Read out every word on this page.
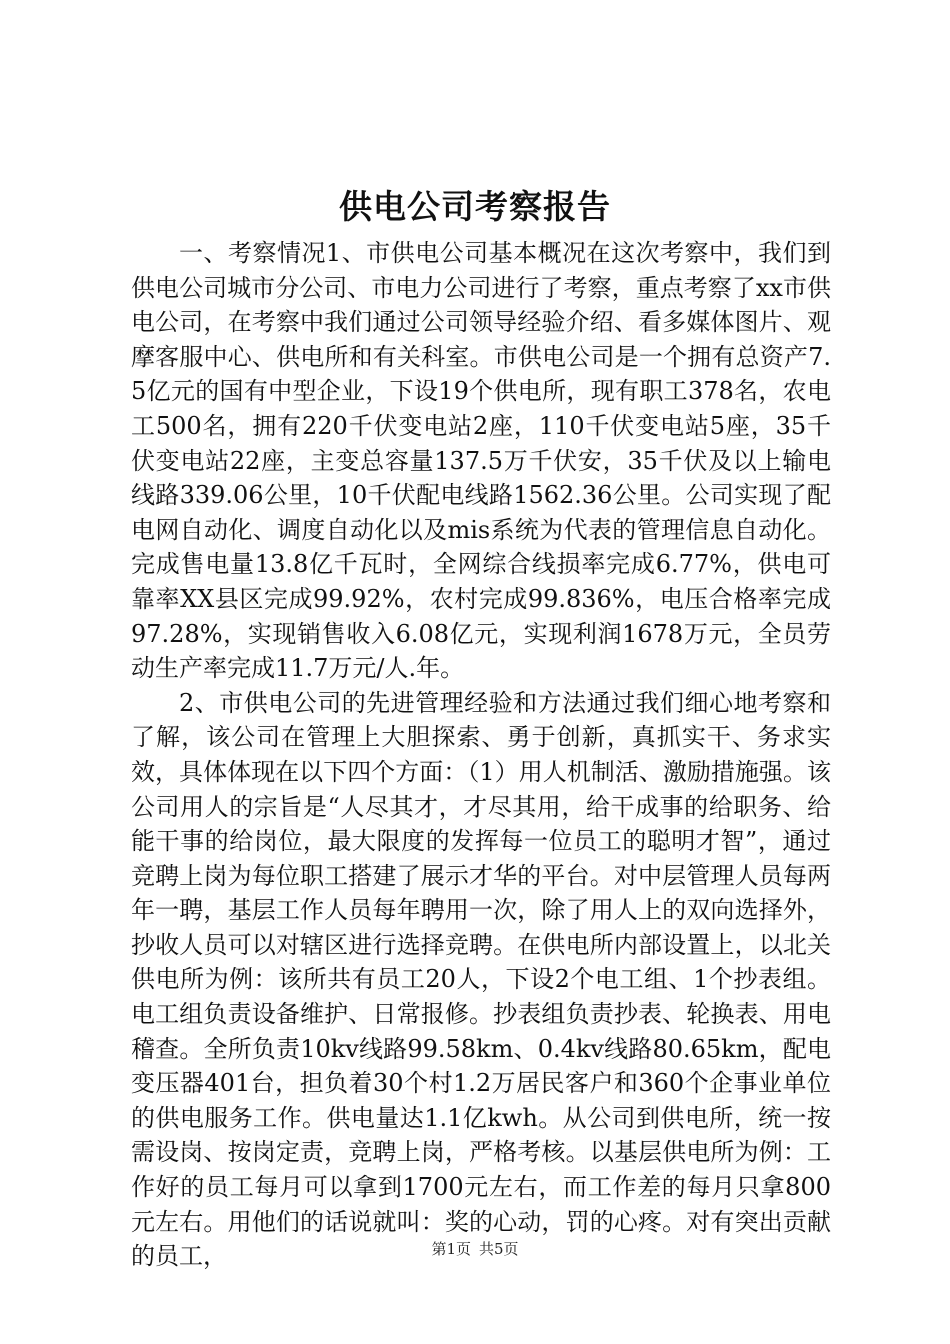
供电公司考察报告

一、考察情况1、市供电公司基本概况在这次考察中，我们到供电公司城市分公司、市电力公司进行了考察，重点考察了xx市供电公司，在考察中我们通过公司领导经验介绍、看多媒体图片、观摩客服中心、供电所和有关科室。市供电公司是一个拥有总资产7.5亿元的国有中型企业，下设19个供电所，现有职工378名，农电工500名，拥有220千伏变电站2座，110千伏变电站5座，35千伏变电站22座，主变总容量137.5万千伏安，35千伏及以上输电线路339.06公里，10千伏配电线路1562.36公里。公司实现了配电网自动化、调度自动化以及mis系统为代表的管理信息自动化。完成售电量13.8亿千瓦时，全网综合线损率完成6.77%，供电可靠率XX县区完成99.92%，农村完成99.836%，电压合格率完成97.28%，实现销售收入6.08亿元，实现利润1678万元，全员劳动生产率完成11.7万元/人.年。

2、市供电公司的先进管理经验和方法通过我们细心地考察和了解，该公司在管理上大胆探索、勇于创新，真抓实干、务求实效，具体体现在以下四个方面：（1）用人机制活、激励措施强。该公司用人的宗旨是“人尽其才，才尽其用，给干成事的给职务、给能干事的给岗位，最大限度的发挥每一位员工的聪明才智”，通过竞聘上岗为每位职工搭建了展示才华的平台。对中层管理人员每两年一聘，基层工作人员每年聘用一次，除了用人上的双向选择外，抄收人员可以对辖区进行选择竞聘。在供电所内部设置上，以北关供电所为例：该所共有员工20人，下设2个电工组、1个抄表组。电工组负责设备维护、日常报修。抄表组负责抄表、轮换表、用电稽查。全所负责10kv线路99.58km、0.4kv线路80.65km，配电变压器401台，担负着30个村1.2万居民客户和360个企事业单位的供电服务工作。供电量达1.1亿kwh。从公司到供电所，统一按需设岗、按岗定责，竞聘上岗，严格考核。以基层供电所为例：工作好的员工每月可以拿到1700元左右，而工作差的每月只拿800元左右。用他们的话说就叫：奖的心动，罚的心疼。对有突出贡献的员工，	第1页 共5页
